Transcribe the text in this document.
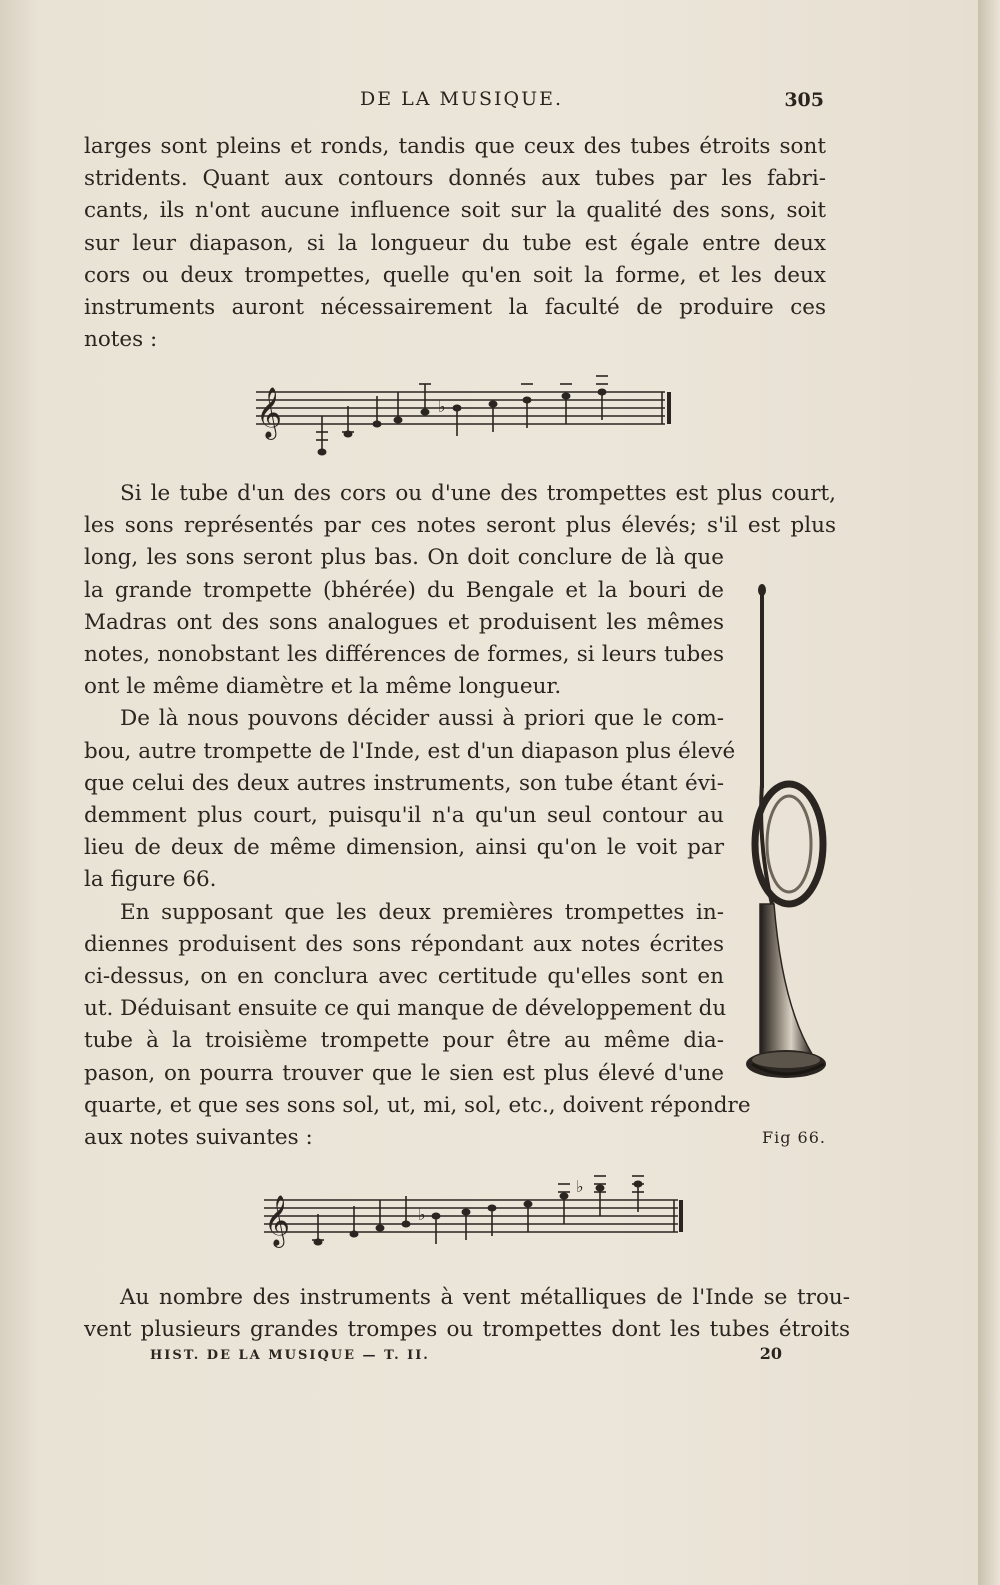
DE LA MUSIQUE.	305
larges sont pleins et ronds, tandis que ceux des tubes étroits sont
stridents. Quant aux contours donnés aux tubes par les fabri-
cants, ils n'ont aucune influence soit sur la qualité des sons, soit
sur leur diapason, si la longueur du tube est égale entre deux
cors ou deux trompettes, quelle qu'en soit la forme, et les deux
instruments auront nécessairement la faculté de produire ces
notes :
𝄞	♭
Si le tube d'un des cors ou d'une des trompettes est plus court,
les sons représentés par ces notes seront plus élevés; s'il est plus
long, les sons seront plus bas. On doit conclure de là que
la grande trompette (bhérée) du Bengale et la bouri de
Madras ont des sons analogues et produisent les mêmes
notes, nonobstant les différences de formes, si leurs tubes
ont le même diamètre et la même longueur.
De là nous pouvons décider aussi à priori que le com-
bou, autre trompette de l'Inde, est d'un diapason plus élevé
que celui des deux autres instruments, son tube étant évi-
demment plus court, puisqu'il n'a qu'un seul contour au
lieu de deux de même dimension, ainsi qu'on le voit par
la figure 66.
En supposant que les deux premières trompettes in-
diennes produisent des sons répondant aux notes écrites
ci-dessus, on en conclura avec certitude qu'elles sont en
ut. Déduisant ensuite ce qui manque de développement du
tube à la troisième trompette pour être au même dia-
pason, on pourra trouver que le sien est plus élevé d'une
quarte, et que ses sons sol, ut, mi, sol, etc., doivent répondre
aux notes suivantes :	Fig 66.
𝄞	♭
♭
Au nombre des instruments à vent métalliques de l'Inde se trou-
vent plusieurs grandes trompes ou trompettes dont les tubes étroits
HIST. DE LA MUSIQUE — T. II.	20
